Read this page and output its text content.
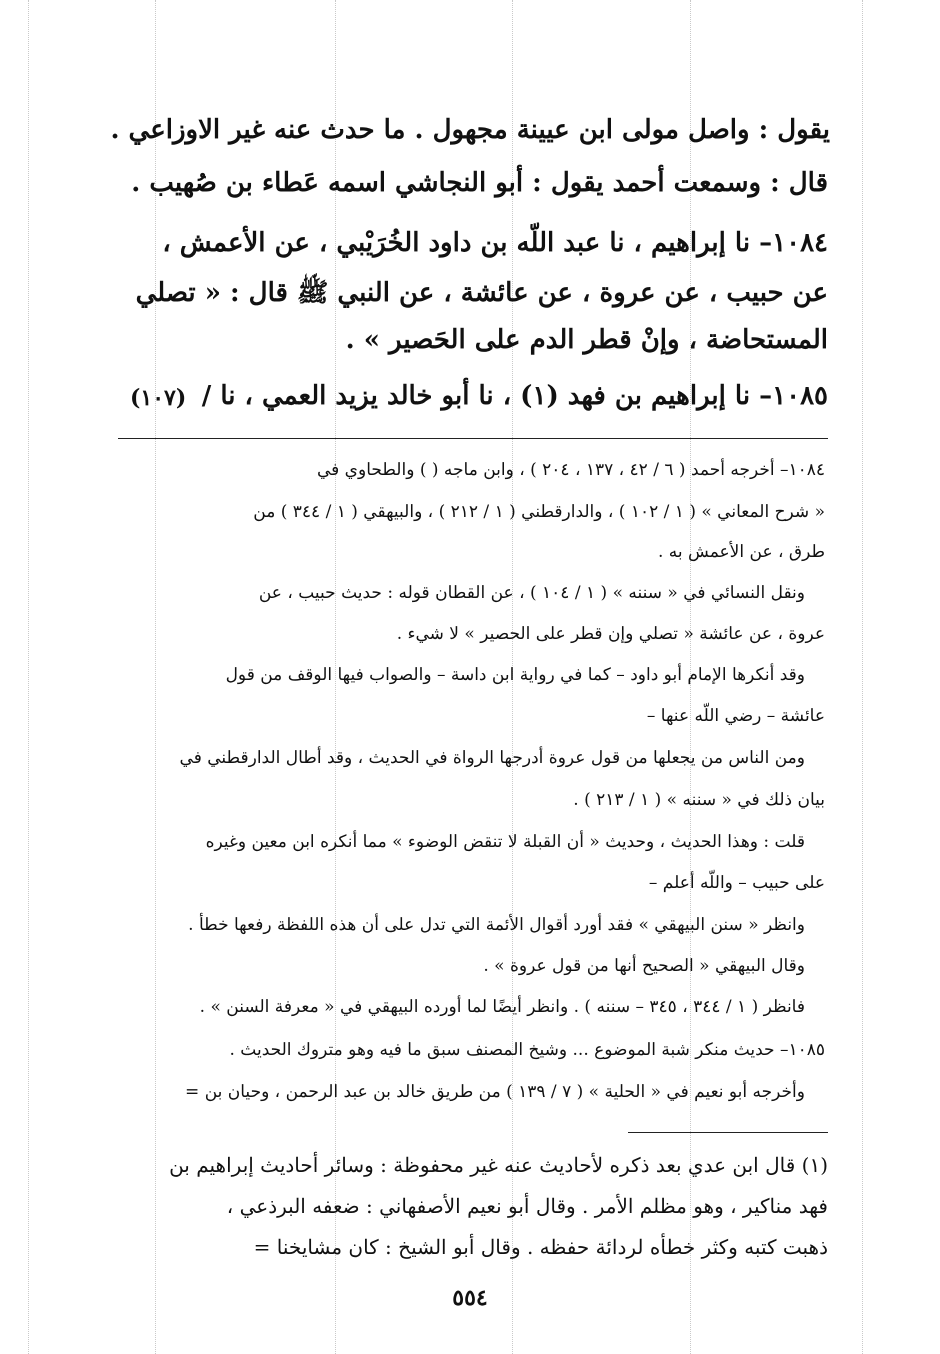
يقول : واصل مولى ابن عيينة مجهول . ما حدث عنه غير الاوزاعي .
قال : وسمعت أحمد يقول : أبو النجاشي اسمه عَطاء بن صُهيب .
١٠٨٤– نا إبراهيم ، نا عبد اللّه بن داود الخُرَيْبي ، عن الأعمش ،
عن حبيب ، عن عروة ، عن عائشة ، عن النبي ﷺ قال : « تصلي
المستحاضة ، وإنْ قطر الدم على الحَصير » .
١٠٨٥– نا إبراهيم بن فهد (١) ، نا أبو خالد يزيد العمي ، نا /
(١٠٧)
١٠٨٤– أخرجه أحمد ( ٦ / ٤٢ ، ١٣٧ ، ٢٠٤ ) ، وابن ماجه ( ) والطحاوي في
« شرح المعاني » ( ١ / ١٠٢ ) ، والدارقطني ( ١ / ٢١٢ ) ، والبيهقي ( ١ / ٣٤٤ ) من
طرق ، عن الأعمش به .
ونقل النسائي في « سننه » ( ١ / ١٠٤ ) ، عن القطان قوله : حديث حبيب ، عن
عروة ، عن عائشة « تصلي وإن قطر على الحصير » لا شيء .
وقد أنكرها الإمام أبو داود – كما في رواية ابن داسة – والصواب فيها الوقف من قول
عائشة – رضي اللّه عنها –
ومن الناس من يجعلها من قول عروة أدرجها الرواة في الحديث ، وقد أطال الدارقطني في
بيان ذلك في « سننه » ( ١ / ٢١٣ ) .
قلت : وهذا الحديث ، وحديث « أن القبلة لا تنقض الوضوء » مما أنكره ابن معين وغيره
على حبيب – واللّه أعلم –
وانظر « سنن البيهقي » فقد أورد أقوال الأئمة التي تدل على أن هذه اللفظة رفعها خطأ .
وقال البيهقي « الصحيح أنها من قول عروة » .
فانظر ( ١ / ٣٤٤ ، ٣٤٥ – سننه ) . وانظر أيضًا لما أورده البيهقي في « معرفة السنن » .
١٠٨٥– حديث منكر شبة الموضوع ... وشيخ المصنف سبق ما فيه وهو متروك الحديث .
وأخرجه أبو نعيم في « الحلية » ( ٧ / ١٣٩ ) من طريق خالد بن عبد الرحمن ، وحيان بن =
(١) قال ابن عدي بعد ذكره لأحاديث عنه غير محفوظة : وسائر أحاديث إبراهيم بن
فهد مناكير ، وهو مظلم الأمر . وقال أبو نعيم الأصفهاني : ضعفه البرذعي ،
ذهبت كتبه وكثر خطأه لردائة حفظه . وقال أبو الشيخ : كان مشايخنا =
٥٥٤
